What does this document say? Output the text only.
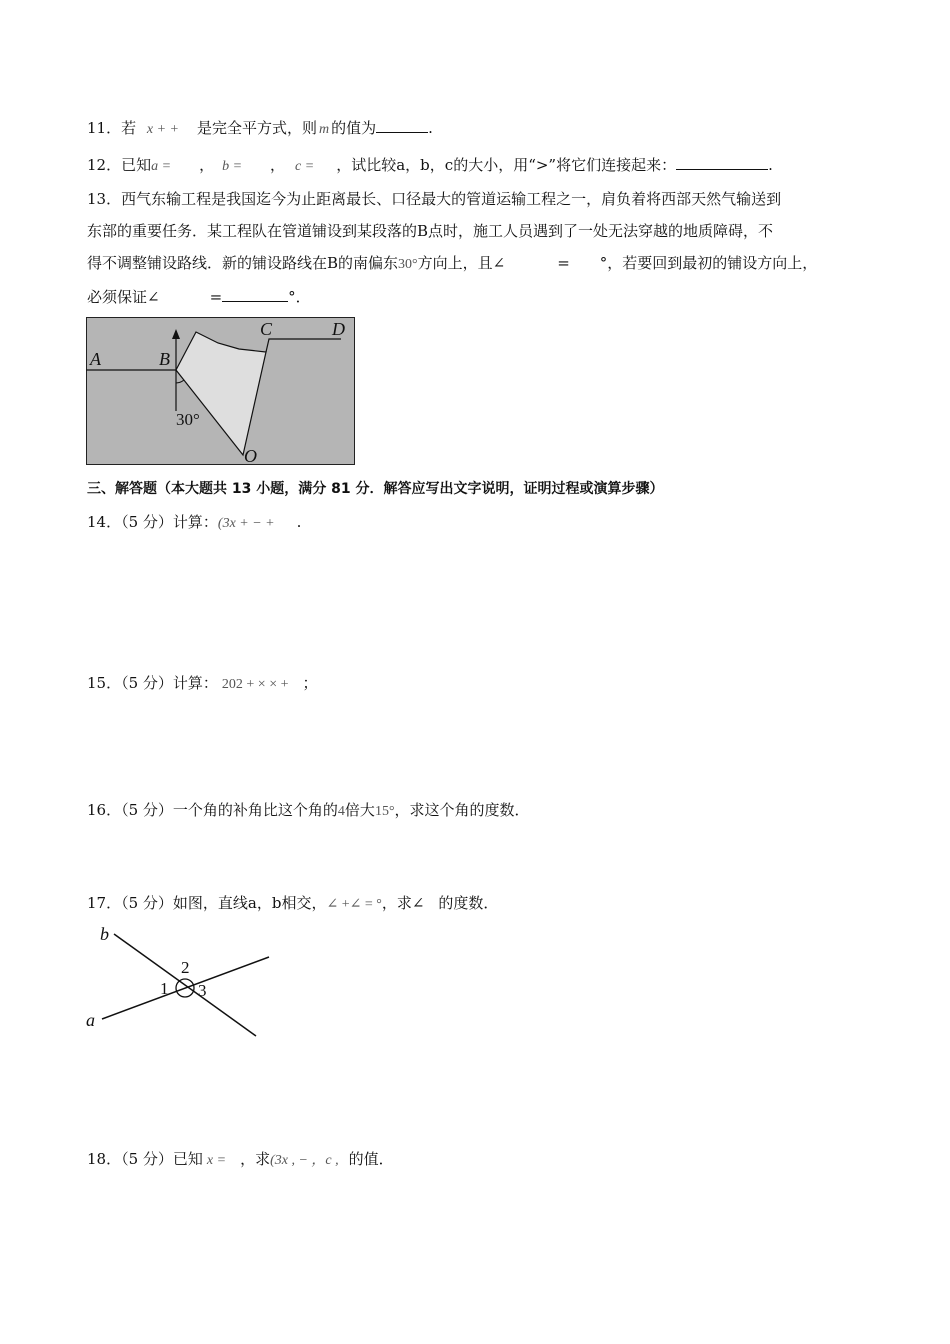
11．若 x + + 是完全平方式，则 m 的值为	.
12．已知a = ， b = ， c = ，试比较a，b，c的大小，用“>”将它们连接起来：	.
13．西气东输工程是我国迄今为止距离最长、口径最大的管道运输工程之一，肩负着将西部天然气输送到
东部的重要任务．某工程队在管道铺设到某段落的B点时，施工人员遇到了一处无法穿越的地质障碍，不
得不调整铺设路线．新的铺设路线在B的南偏东30°方向上，且∠	= °，若要回到最初的铺设方向上，
必须保证∠	=	°．
A	B
C	D
O
30°
三、解答题（本大题共 13 小题，满分 81 分．解答应写出文字说明，证明过程或演算步骤）
14．（5 分）计算：(3x + − + .
15．（5 分）计算： 202 + × × + ；
16．（5 分）一个角的补角比这个角的4倍大15°，求这个角的度数．
17．（5 分）如图，直线a，b相交，∠ +∠ = °，求∠ 的度数．
b
a
1
2
3
18．（5 分）已知 x = ，求(3x , − ，c , 的值．
